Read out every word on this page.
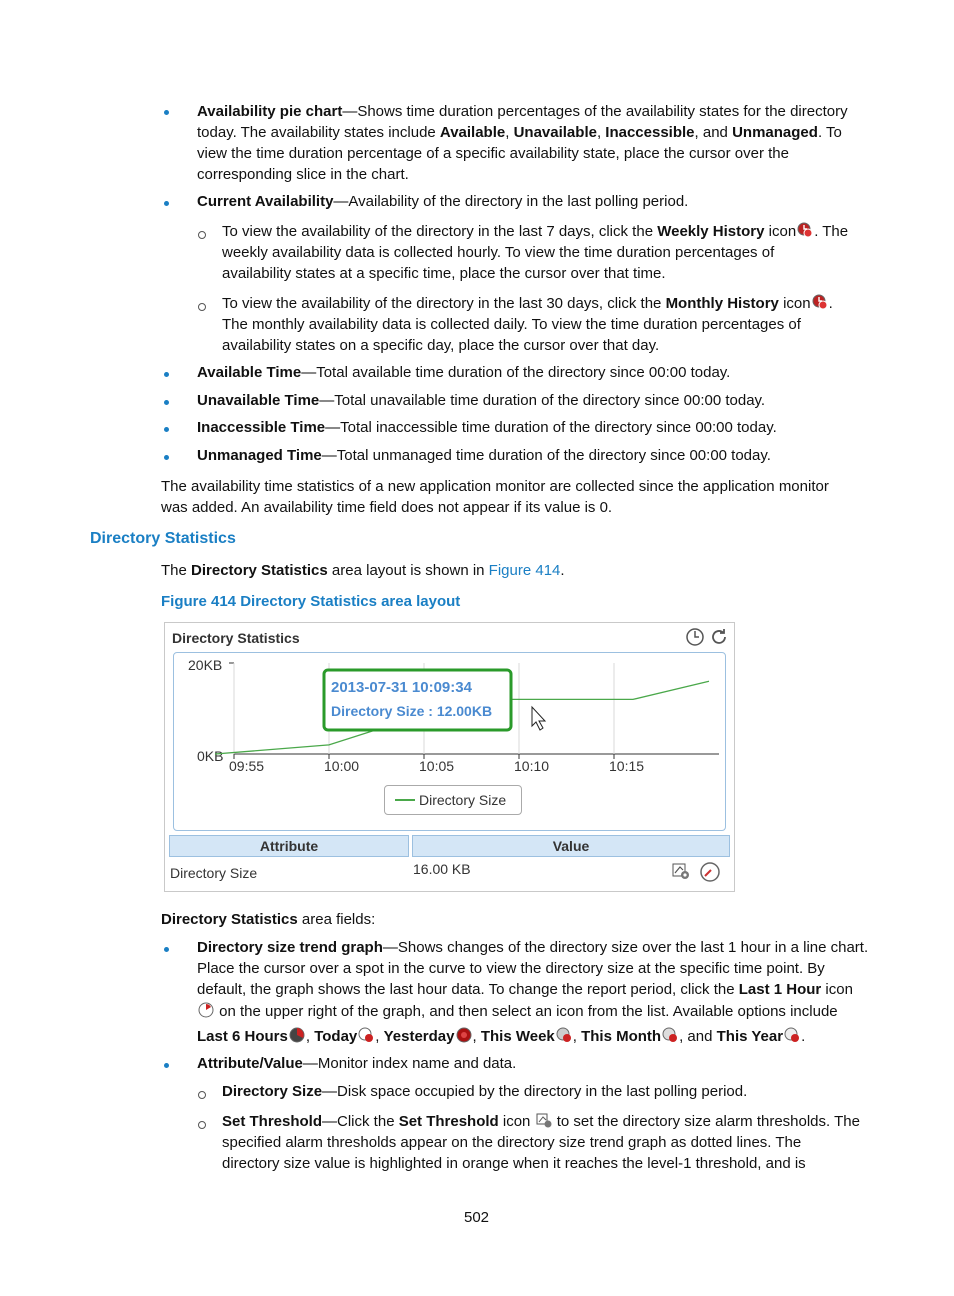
Availability pie chart—Shows time duration percentages of the availability states for the directory
today. The availability states include Available, Unavailable, Inaccessible, and Unmanaged. To
view the time duration percentage of a specific availability state, place the cursor over the
corresponding slice in the chart.
Current Availability—Availability of the directory in the last polling period.
To view the availability of the directory in the last 7 days, click the Weekly History icon . The
weekly availability data is collected hourly. To view the time duration percentages of
availability states at a specific time, place the cursor over that time.
To view the availability of the directory in the last 30 days, click the Monthly History icon .
The monthly availability data is collected daily. To view the time duration percentages of
availability states on a specific day, place the cursor over that day.
Available Time—Total available time duration of the directory since 00:00 today.
Unavailable Time—Total unavailable time duration of the directory since 00:00 today.
Inaccessible Time—Total inaccessible time duration of the directory since 00:00 today.
Unmanaged Time—Total unmanaged time duration of the directory since 00:00 today.
The availability time statistics of a new application monitor are collected since the application monitor
was added. An availability time field does not appear if its value is 0.
Directory Statistics
The Directory Statistics area layout is shown in Figure 414.
Figure 414 Directory Statistics area layout
Directory Statistics
09:55	10:00	10:05	10:10	10:15
20KB
0KB
2013-07-31 10:09:34
Directory Size : 12.00KB
Directory Size
Attribute	Value
Directory Size	16.00 KB
Directory Statistics area fields:
Directory size trend graph—Shows changes of the directory size over the last 1 hour in a line chart.
Place the cursor over a spot in the curve to view the directory size at the specific time point. By
default, the graph shows the last hour data. To change the report period, click the Last 1 Hour icon
on the upper right of the graph, and then select an icon from the list. Available options include
Last 6 Hours , Today , Yesterday , This Week , This Month , and This Year .
Attribute/Value—Monitor index name and data.
Directory Size—Disk space occupied by the directory in the last polling period.
Set Threshold—Click the Set Threshold icon  to set the directory size alarm thresholds. The
specified alarm thresholds appear on the directory size trend graph as dotted lines. The
directory size value is highlighted in orange when it reaches the level-1 threshold, and is
502
